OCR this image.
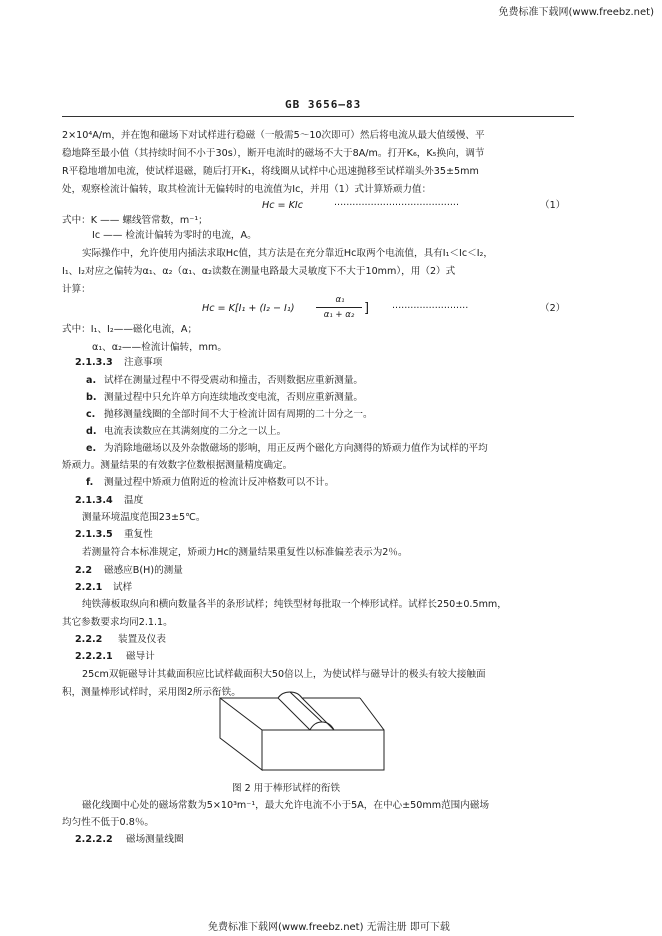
免费标准下载网(www.freebz.net)
GB 3656—83
2×10⁴A/m，并在饱和磁场下对试样进行稳磁（一般需5～10次即可）然后将电流从最大值缓慢、平
稳地降至最小值（其持续时间不小于30s），断开电流时的磁场不大于8A/m。打开K₆，K₅换向，调节
R平稳地增加电流，使试样退磁，随后打开K₁，将线圈从试样中心迅速抛移至试样端头外35±5mm
处，观察检流计偏转，取其检流计无偏转时的电流值为Ic，并用（1）式计算矫顽力值：
Hc = KIc	·········································	（1）
式中：K —— 螺线管常数，m⁻¹；
Ic —— 检流计偏转为零时的电流，A。
实际操作中，允许使用内插法求取Hc值，其方法是在充分靠近Hc取两个电流值，具有I₁＜Ic＜I₂，
I₁、I₂对应之偏转为α₁、α₂（α₁、α₂读数在测量电路最大灵敏度下不大于10mm），用（2）式
计算：
Hc = K[I₁ + (I₂ − I₁)
α₁
α₁ + α₂ ] ·························	（2）
式中：I₁、I₂——磁化电流，A；
α₁、α₂——检流计偏转，mm。
2.1.3.3 注意事项
a. 试样在测量过程中不得受震动和撞击，否则数据应重新测量。
b. 测量过程中只允许单方向连续地改变电流，否则应重新测量。
c. 抛移测量线圈的全部时间不大于检流计固有周期的二十分之一。
d. 电流表读数应在其满刻度的二分之一以上。
e. 为消除地磁场以及外杂散磁场的影响，用正反两个磁化方向测得的矫顽力值作为试样的平均
矫顽力。测量结果的有效数字位数根据测量精度确定。
f. 测量过程中矫顽力值附近的检流计反冲格数可以不计。
2.1.3.4 温度
测量环境温度范围23±5℃。
2.1.3.5 重复性
若测量符合本标准规定，矫顽力Hc的测量结果重复性以标准偏差表示为2％。
2.2 磁感应B(H)的测量
2.2.1 试样
纯铁薄板取纵向和横向数量各半的条形试样；纯铁型材每批取一个棒形试样。试样长250±0.5mm，
其它参数要求均同2.1.1。
2.2.2 装置及仪表
2.2.2.1 磁导计
25cm双轭磁导计其截面积应比试样截面积大50倍以上，为使试样与磁导计的极头有较大接触面
积，测量棒形试样时，采用图2所示衔铁。
图 2 用于棒形试样的衔铁
磁化线圈中心处的磁场常数为5×10³m⁻¹，最大允许电流不小于5A，在中心±50mm范围内磁场
均匀性不低于0.8％。
2.2.2.2 磁场测量线圈
免费标准下载网(www.freebz.net) 无需注册 即可下载
